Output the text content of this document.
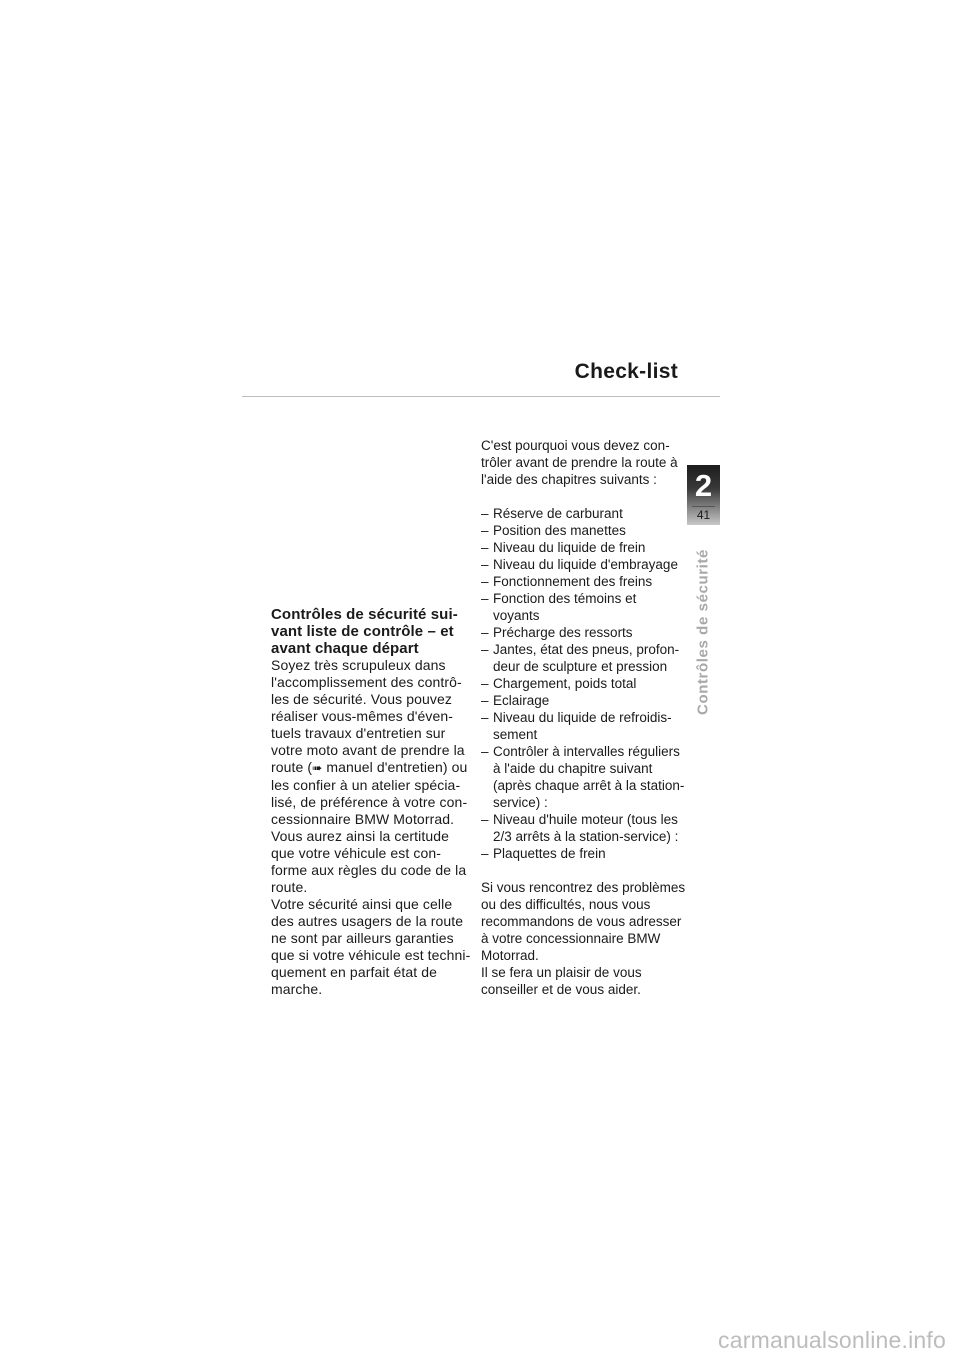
Check-list
2
41
Contrôles de sécurité
Contrôles de sécurité suivant liste de contrôle – et avant chaque départ

Soyez très scrupuleux dans l'accomplissement des contrôles de sécurité. Vous pouvez réaliser vous-mêmes d'éventuels travaux d'entretien sur votre moto avant de prendre la route (➠ manuel d'entretien) ou les confier à un atelier spécialisé, de préférence à votre concessionnaire BMW Motorrad.

Vous aurez ainsi la certitude que votre véhicule est conforme aux règles du code de la route.

Votre sécurité ainsi que celle des autres usagers de la route ne sont par ailleurs garanties que si votre véhicule est techniquement en parfait état de marche.

C'est pourquoi vous devez contrôler avant de prendre la route à l'aide des chapitres suivants :

– Réserve de carburant
– Position des manettes
– Niveau du liquide de frein
– Niveau du liquide d'embrayage
– Fonctionnement des freins
– Fonction des témoins et voyants
– Précharge des ressorts
– Jantes, état des pneus, profondeur de sculpture et pression
– Chargement, poids total
– Eclairage
– Niveau du liquide de refroidissement
– Contrôler à intervalles réguliers à l'aide du chapitre suivant (après chaque arrêt à la station-service) :
– Niveau d'huile moteur (tous les 2/3 arrêts à la station-service) :
– Plaquettes de frein

Si vous rencontrez des problèmes ou des difficultés, nous vous recommandons de vous adresser à votre concessionnaire BMW Motorrad.

Il se fera un plaisir de vous conseiller et de vous aider.

carmanualsonline.info
